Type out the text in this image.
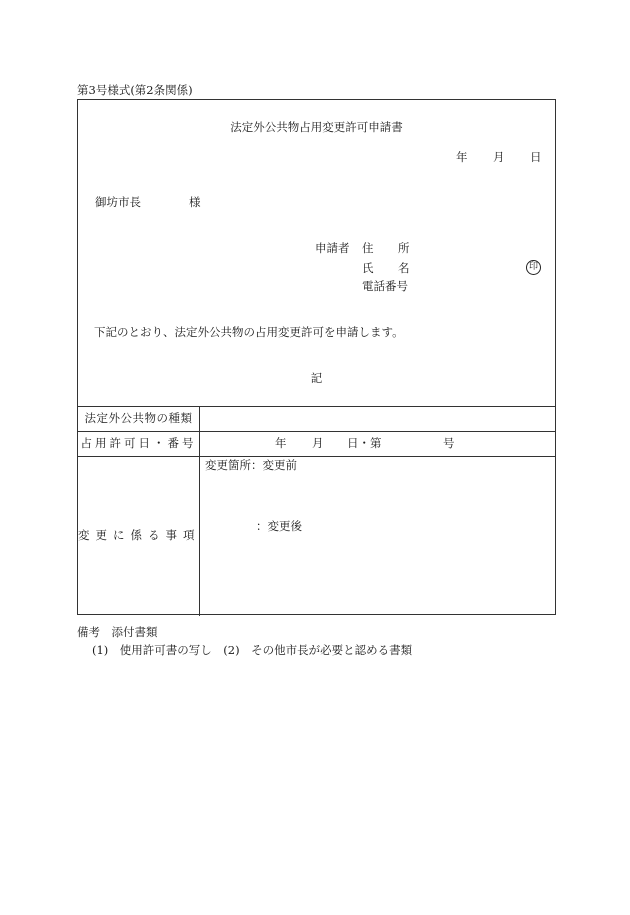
第3号様式(第2条関係)
法定外公共物占用変更許可申請書
年 月 日
御坊市長	様
申請者 住 所
氏 名	印
電話番号
下記のとおり、法定外公共物の占用変更許可を申請します。
記
法定外公共物の種類
占用許可日・番号	年 月 日・第	号
変更に係る事項
変更箇所：変更前
：変更後
備考　添付書類
(1)　使用許可書の写し　(2)　その他市長が必要と認める書類
